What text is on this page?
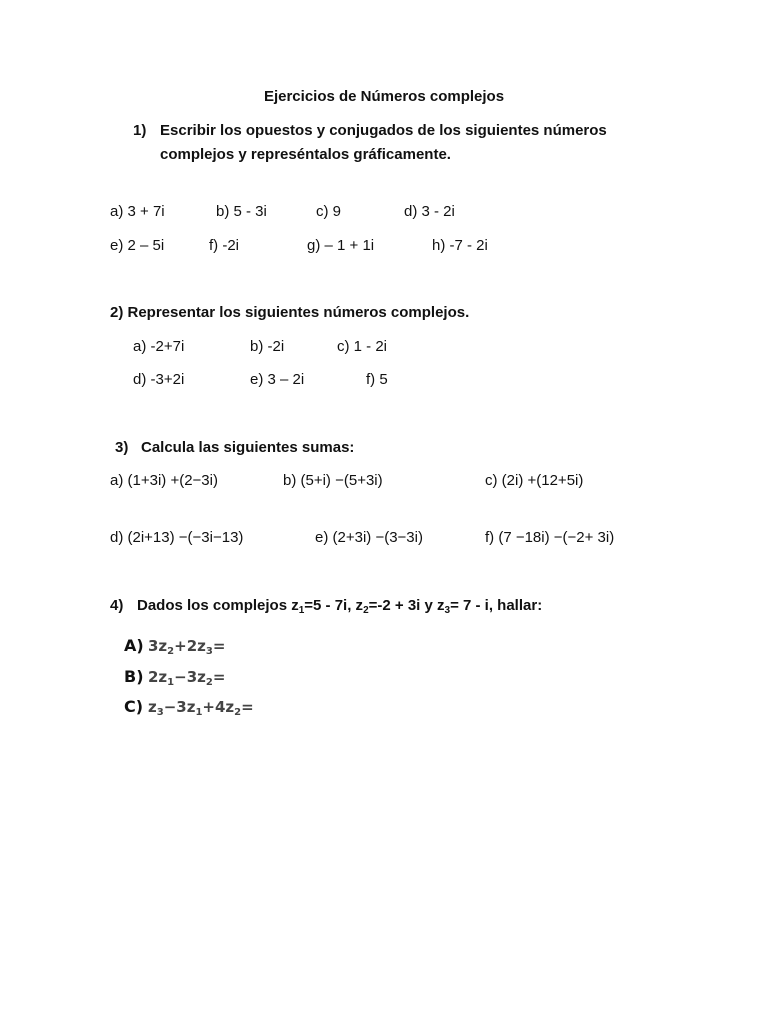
Ejercicios de Números complejos
1) Escribir los opuestos y conjugados de los siguientes números
complejos y represéntalos gráficamente.
a) 3 + 7i	b) 5 - 3i	c) 9	d) 3 - 2i
e) 2 – 5i	f) -2i	g) – 1 + 1i	h) -7 - 2i
2) Representar los siguientes números complejos.
a) -2+7i	b) -2i	c) 1 - 2i
d) -3+2i	e) 3 – 2i	f) 5
3) Calcula las siguientes sumas:
a) (1+3i) +(2−3i)	b) (5+i) −(5+3i)	c) (2i) +(12+5i)
d) (2i+13) −(−3i−13)	e) (2+3i) −(3−3i)	f) (7 −18i) −(−2+ 3i)
4) Dados los complejos $z_1=5 - 7i$, $z_2=-2 + 3i$ y $z_3= 7 - i$, hallar:
A) $3z_2+2z_3=$
B) $2z_1-3z_2=$
C) $z_3-3z_1+4z_2=$
